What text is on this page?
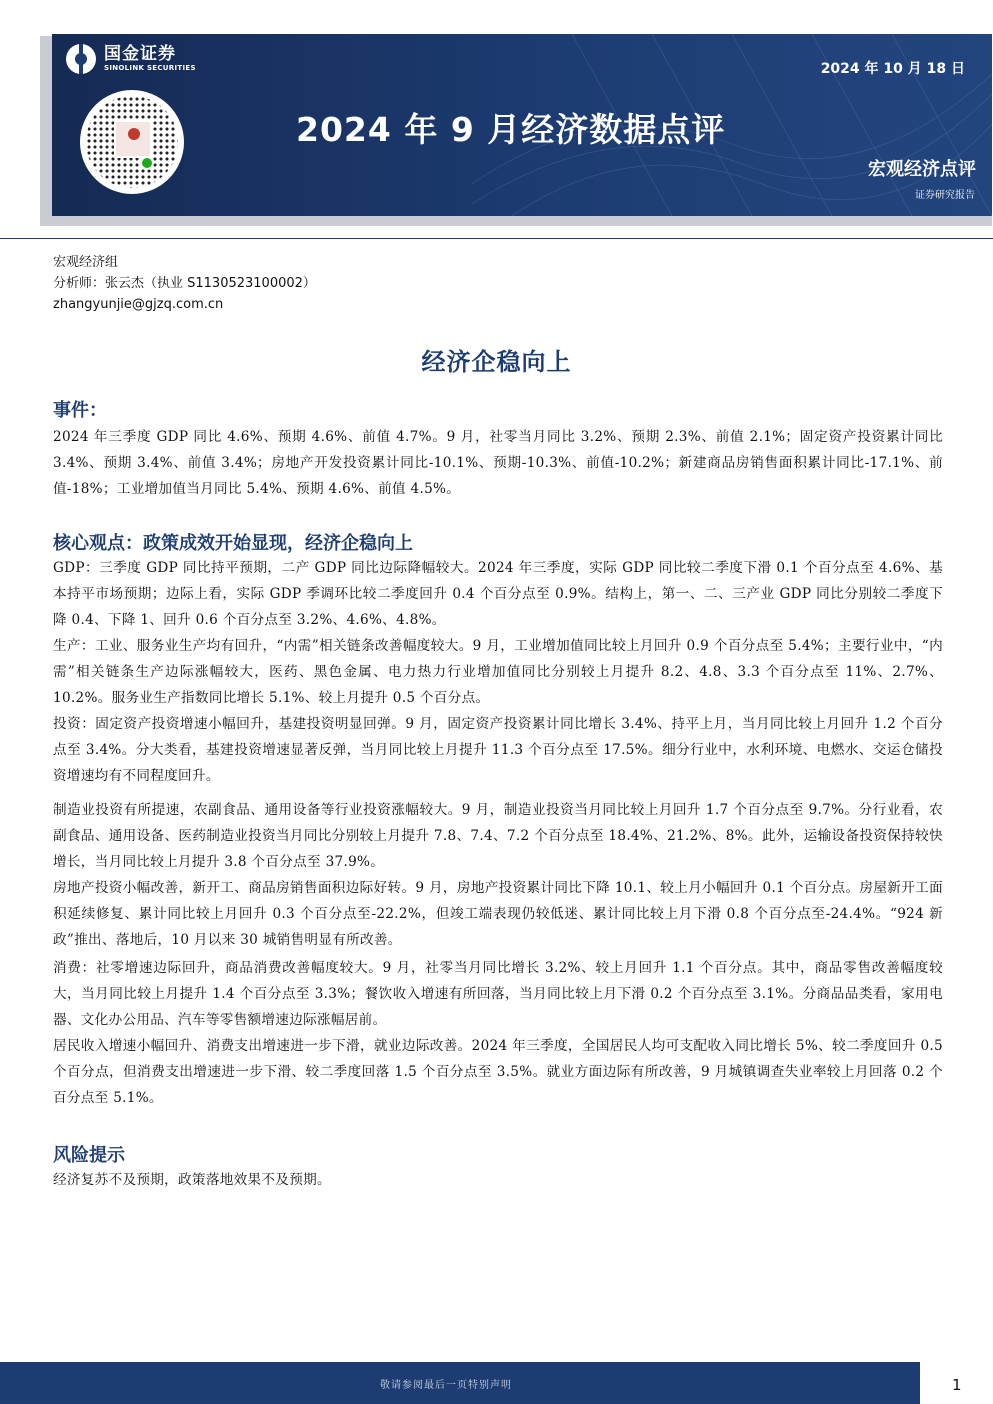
国金证券
SINOLINK SECURITIES	2024 年 10 月 18 日
2024 年 9 月经济数据点评
宏观经济点评
证券研究报告
宏观经济组
分析师：张云杰（执业 S1130523100002）
zhangyunjie@gjzq.com.cn
经济企稳向上
事件：

2024 年三季度 GDP 同比 4.6%、预期 4.6%、前值 4.7%。9 月，社零当月同比 3.2%、预期 2.3%、前值 2.1%；固定资产投资累计同比 3.4%、预期 3.4%、前值 3.4%；房地产开发投资累计同比-10.1%、预期-10.3%、前值-10.2%；新建商品房销售面积累计同比-17.1%、前值-18%；工业增加值当月同比 5.4%、预期 4.6%、前值 4.5%。

核心观点：政策成效开始显现，经济企稳向上

GDP：三季度 GDP 同比持平预期，二产 GDP 同比边际降幅较大。2024 年三季度，实际 GDP 同比较二季度下滑 0.1 个百分点至 4.6%、基本持平市场预期；边际上看，实际 GDP 季调环比较二季度回升 0.4 个百分点至 0.9%。结构上，第一、二、三产业 GDP 同比分别较二季度下降 0.4、下降 1、回升 0.6 个百分点至 3.2%、4.6%、4.8%。

生产：工业、服务业生产均有回升，“内需”相关链条改善幅度较大。9 月，工业增加值同比较上月回升 0.9 个百分点至 5.4%；主要行业中，“内需”相关链条生产边际涨幅较大，医药、黑色金属、电力热力行业增加值同比分别较上月提升 8.2、4.8、3.3 个百分点至 11%、2.7%、10.2%。服务业生产指数同比增长 5.1%、较上月提升 0.5 个百分点。

投资：固定资产投资增速小幅回升，基建投资明显回弹。9 月，固定资产投资累计同比增长 3.4%、持平上月，当月同比较上月回升 1.2 个百分点至 3.4%。分大类看，基建投资增速显著反弹，当月同比较上月提升 11.3 个百分点至 17.5%。细分行业中，水利环境、电燃水、交运仓储投资增速均有不同程度回升。

制造业投资有所提速，农副食品、通用设备等行业投资涨幅较大。9 月，制造业投资当月同比较上月回升 1.7 个百分点至 9.7%。分行业看，农副食品、通用设备、医药制造业投资当月同比分别较上月提升 7.8、7.4、7.2 个百分点至 18.4%、21.2%、8%。此外，运输设备投资保持较快增长，当月同比较上月提升 3.8 个百分点至 37.9%。

房地产投资小幅改善，新开工、商品房销售面积边际好转。9 月，房地产投资累计同比下降 10.1、较上月小幅回升 0.1 个百分点。房屋新开工面积延续修复、累计同比较上月回升 0.3 个百分点至-22.2%，但竣工端表现仍较低迷、累计同比较上月下滑 0.8 个百分点至-24.4%。“924 新政”推出、落地后，10 月以来 30 城销售明显有所改善。

消费：社零增速边际回升，商品消费改善幅度较大。9 月，社零当月同比增长 3.2%、较上月回升 1.1 个百分点。其中，商品零售改善幅度较大，当月同比较上月提升 1.4 个百分点至 3.3%；餐饮收入增速有所回落，当月同比较上月下滑 0.2 个百分点至 3.1%。分商品品类看，家用电器、文化办公用品、汽车等零售额增速边际涨幅居前。

居民收入增速小幅回升、消费支出增速进一步下滑，就业边际改善。2024 年三季度，全国居民人均可支配收入同比增长 5%、较二季度回升 0.5 个百分点，但消费支出增速进一步下滑、较二季度回落 1.5 个百分点至 3.5%。就业方面边际有所改善，9 月城镇调查失业率较上月回落 0.2 个百分点至 5.1%。

风险提示

经济复苏不及预期，政策落地效果不及预期。

敬请参阅最后一页特别声明	1
